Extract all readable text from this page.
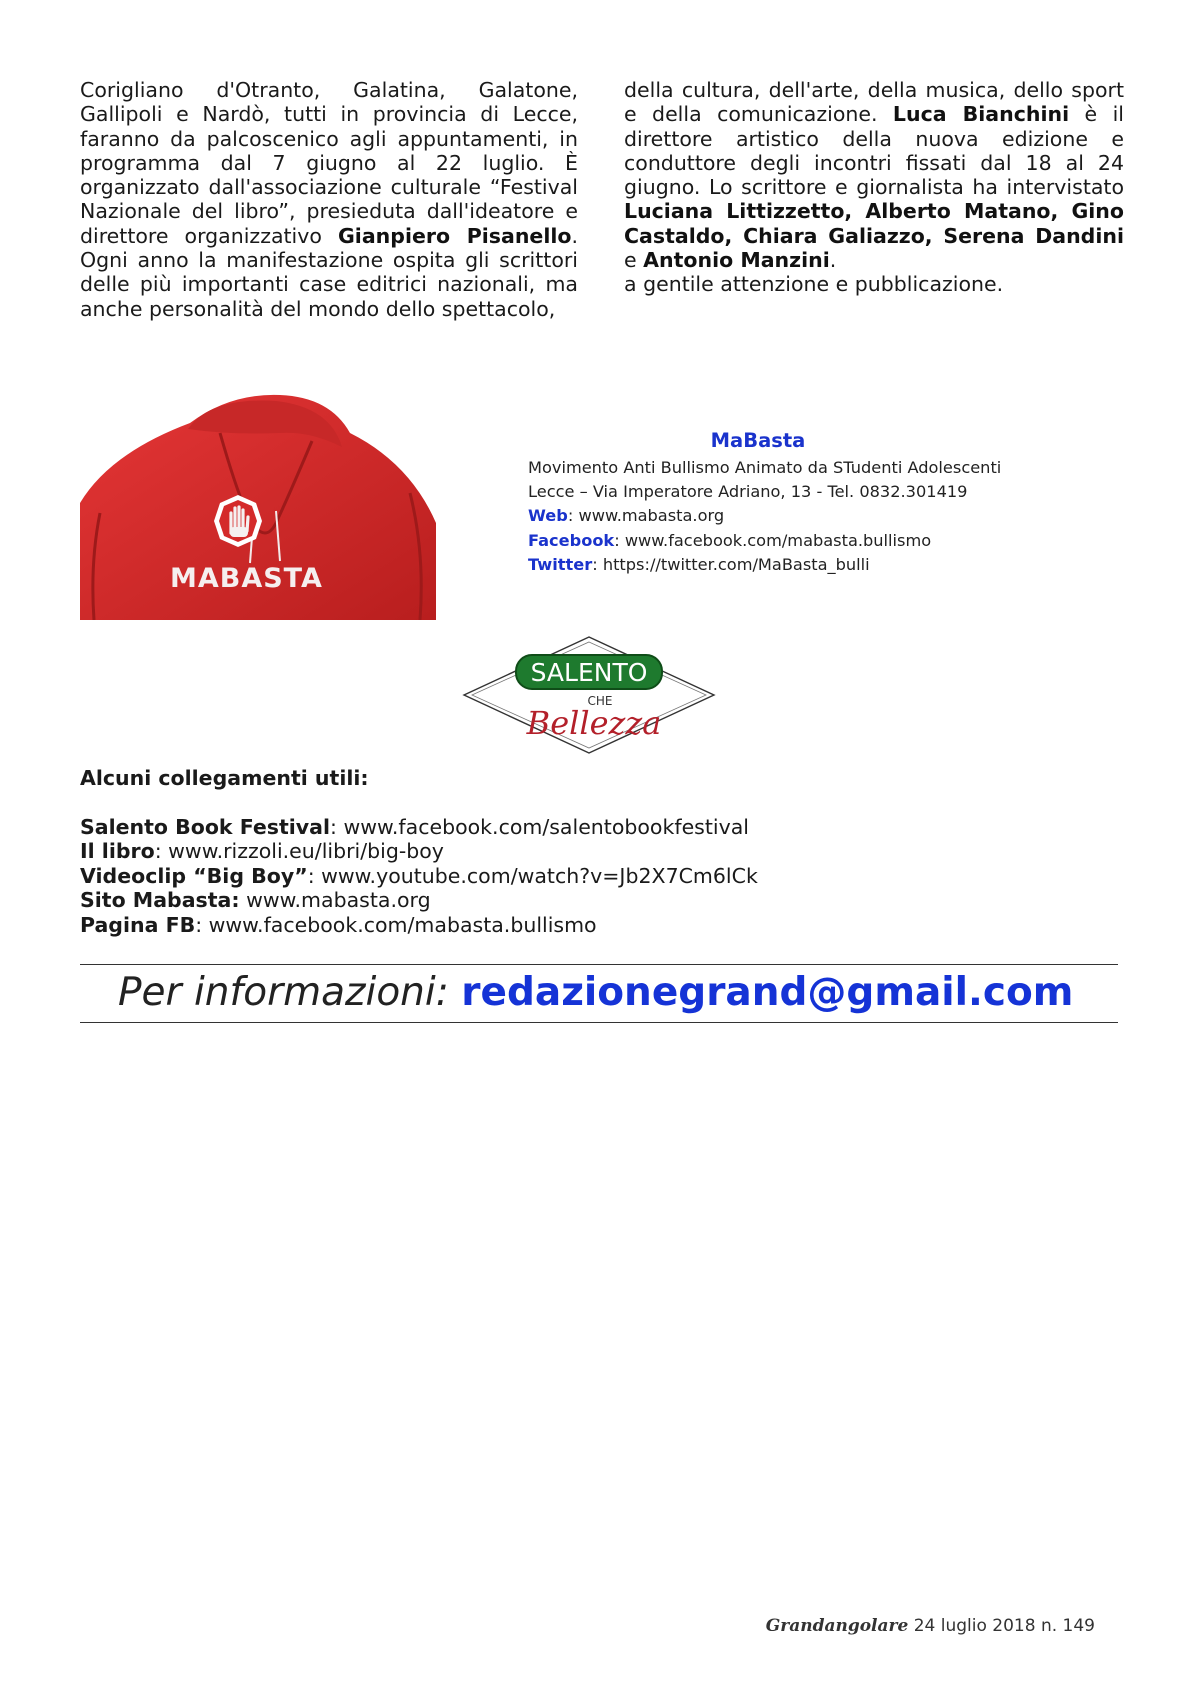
Corigliano d'Otranto, Galatina, Galatone, Gallipoli e Nardò, tutti in provincia di Lecce, faranno da palcoscenico agli appuntamenti, in programma dal 7 giugno al 22 luglio. È organizzato dall'associazione culturale “Festival Nazionale del libro”, presieduta dall'ideatore e direttore organizzativo Gianpiero Pisanello. Ogni anno la manifestazione ospita gli scrittori delle più importanti case editrici nazionali, ma anche personalità del mondo dello spettacolo,
della cultura, dell'arte, della musica, dello sport e della comunicazione. Luca Bianchini è il direttore artistico della nuova edizione e conduttore degli incontri fissati dal 18 al 24 giugno. Lo scrittore e giornalista ha intervistato Luciana Littizzetto, Alberto Matano, Gino Castaldo, Chiara Galiazzo, Serena Dandini e Antonio Manzini.
a gentile attenzione e pubblicazione.
MABASTA
MaBasta
Movimento Anti Bullismo Animato da STudenti Adolescenti
Lecce – Via Imperatore Adriano, 13 - Tel. 0832.301419
Web: www.mabasta.org
Facebook: www.facebook.com/mabasta.bullismo
Twitter: https://twitter.com/MaBasta_bulli
SALENTO
CHE
Bellezza
Alcuni collegamenti utili:
Salento Book Festival: www.facebook.com/salentobookfestival
Il libro: www.rizzoli.eu/libri/big-boy
Videoclip “Big Boy”: www.youtube.com/watch?v=Jb2X7Cm6lCk
Sito Mabasta: www.mabasta.org
Pagina FB: www.facebook.com/mabasta.bullismo
Per informazioni: redazionegrand@gmail.com
Grandangolare 24 luglio 2018 n. 149
